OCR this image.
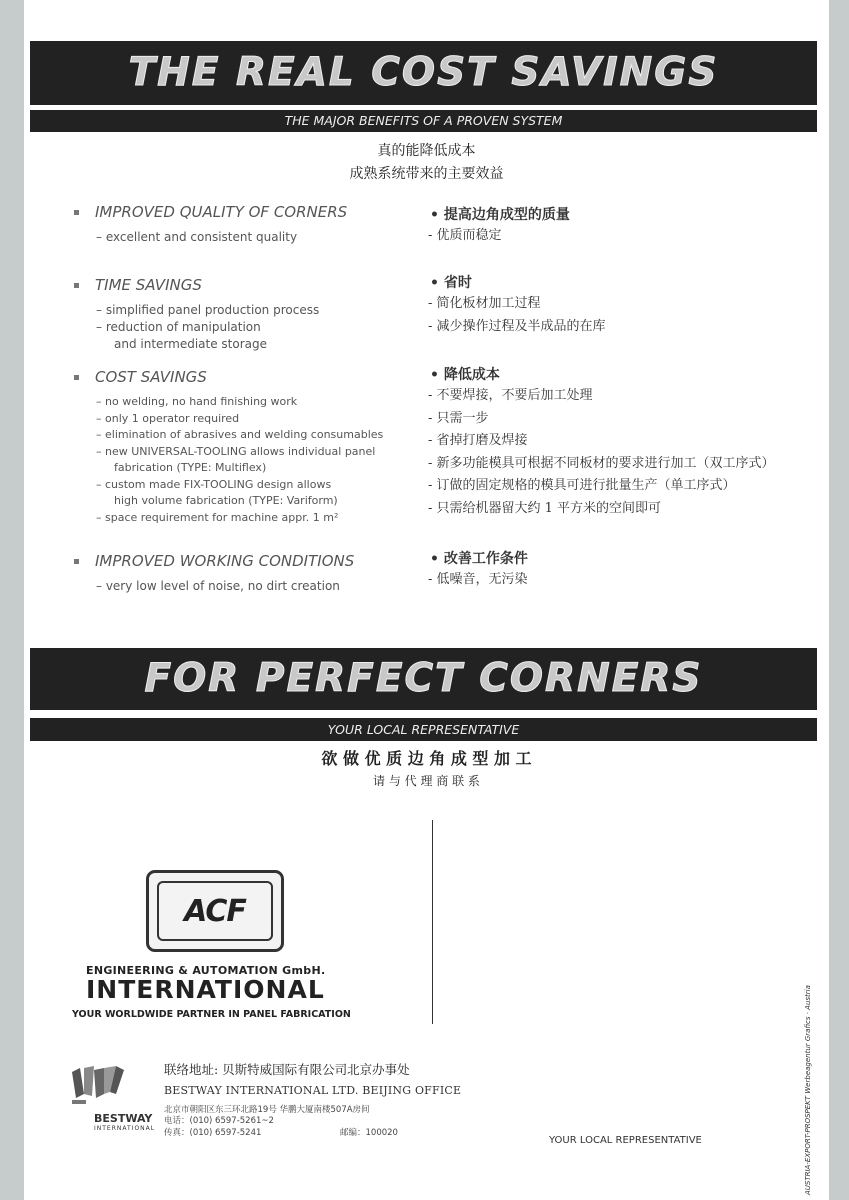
THE REAL COST SAVINGS
THE MAJOR BENEFITS OF A PROVEN SYSTEM
真的能降低成本
成熟系统带来的主要效益
IMPROVED QUALITY OF CORNERS
– excellent and consistent quality
• 提高边角成型的质量
- 优质而稳定
TIME SAVINGS
– simplified panel production process
– reduction of manipulation
and intermediate storage
• 省时
- 简化板材加工过程
- 减少操作过程及半成品的在库
COST SAVINGS
– no welding, no hand finishing work
– only 1 operator required
– elimination of abrasives and welding consumables
– new UNIVERSAL-TOOLING allows individual panel
fabrication (TYPE: Multiflex)
– custom made FIX-TOOLING design allows
high volume fabrication (TYPE: Variform)
– space requirement for machine appr. 1 m²
• 降低成本
- 不要焊接，不要后加工处理
- 只需一步
- 省掉打磨及焊接
- 新多功能模具可根据不同板材的要求进行加工（双工序式）
- 订做的固定规格的模具可进行批量生产（单工序式）
- 只需给机器留大约 1 平方米的空间即可
IMPROVED WORKING CONDITIONS
– very low level of noise, no dirt creation
• 改善工作条件
- 低噪音，无污染
FOR PERFECT CORNERS
YOUR LOCAL REPRESENTATIVE
欲 做 优 质 边 角 成 型 加 工
请 与 代 理 商 联 系
ACF
ENGINEERING & AUTOMATION GmbH.
INTERNATIONAL
YOUR WORLDWIDE PARTNER IN PANEL FABRICATION
BESTWAY
INTERNATIONAL
联络地址: 贝斯特威国际有限公司北京办事处
BESTWAY INTERNATIONAL LTD. BEIJING OFFICE
北京市朝阳区东三环北路19号 华鹏大厦南楼507A房间
电话：(010) 6597-5261~2
传真：(010) 6597-5241	邮编：100020
YOUR LOCAL REPRESENTATIVE	AUSTRIA-EXPORT-PROSPEKT Werbeagentur Grafics · Austria
